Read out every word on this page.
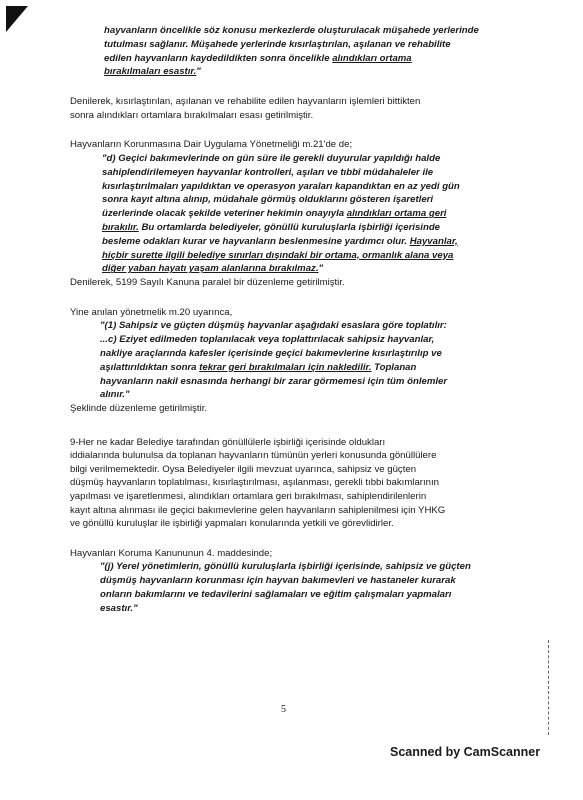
hayvanların öncelikle söz konusu merkezlerde oluşturulacak müşahede yerlerinde
tutulması sağlanır. Müşahede yerlerinde kısırlaştırılan, aşılanan ve rehabilite
edilen hayvanların kaydedildikten sonra öncelikle alındıkları ortama
bırakılmaları esastır."

Denilerek, kısırlaştırılan, aşılanan ve rehabilite edilen hayvanların işlemleri bittikten

sonra alındıkları ortamlara bırakılmaları esası getirilmiştir.

Hayvanların Korunmasına Dair Uygulama Yönetmeliği m.21'de de;

"d) Geçici bakımevlerinde on gün süre ile gerekli duyurular yapıldığı halde
sahiplendirilemeyen hayvanlar kontrolleri, aşıları ve tıbbî müdahaleler ile
kısırlaştırılmaları yapıldıktan ve operasyon yaraları kapandıktan en az yedi gün
sonra kayıt altına alınıp, müdahale görmüş olduklarını gösteren işaretleri
üzerlerinde olacak şekilde veteriner hekimin onayıyla alındıkları ortama geri
bırakılır. Bu ortamlarda belediyeler, gönüllü kuruluşlarla işbirliği içerisinde
besleme odakları kurar ve hayvanların beslenmesine yardımcı olur. Hayvanlar,
hiçbir surette ilgili belediye sınırları dışındaki bir ortama, ormanlık alana veya
diğer yaban hayatı yaşam alanlarına bırakılmaz."

Denilerek, 5199 Sayılı Kanuna paralel bir düzenleme getirilmiştir.

Yine anılan yönetmelik m.20 uyarınca,

"(1) Sahipsiz ve güçten düşmüş hayvanlar aşağıdaki esaslara göre toplatılır:
...c) Eziyet edilmeden toplanılacak veya toplattırılacak sahipsiz hayvanlar,
nakliye araçlarında kafesler içerisinde geçici bakımevlerine kısırlaştırılıp ve
aşılattırıldıktan sonra tekrar geri bırakılmaları için nakledilir. Toplanan
hayvanların nakil esnasında herhangi bir zarar görmemesi için tüm önlemler
alınır."

Şeklinde düzenleme getirilmiştir.

9-Her ne kadar Belediye tarafından gönüllülerle işbirliği içerisinde oldukları

iddialarında bulunulsa da toplanan hayvanların tümünün yerleri konusunda gönüllülere

bilgi verilmemektedir. Oysa Belediyeler ilgili mevzuat uyarınca, sahipsiz ve güçten

düşmüş hayvanların toplatılması, kısırlaştırılması, aşılanması, gerekli tıbbi bakımlarının

yapılması ve işaretlenmesi, alındıkları ortamlara geri bırakılması, sahiplendirilenlerin

kayıt altına alınması ile geçici bakımevlerine gelen hayvanların sahiplenilmesi için YHKG

ve gönüllü kuruluşlar ile işbirliği yapmaları konularında yetkili ve görevlidirler.

Hayvanları Koruma Kanununun 4. maddesinde;

"(j) Yerel yönetimlerin, gönüllü kuruluşlarla işbirliği içerisinde, sahipsiz ve güçten
düşmüş hayvanların korunması için hayvan bakımevleri ve hastaneler kurarak
onların bakımlarını ve tedavilerini sağlamaları ve eğitim çalışmaları yapmaları
esastır."
5
Scanned by CamScanner
